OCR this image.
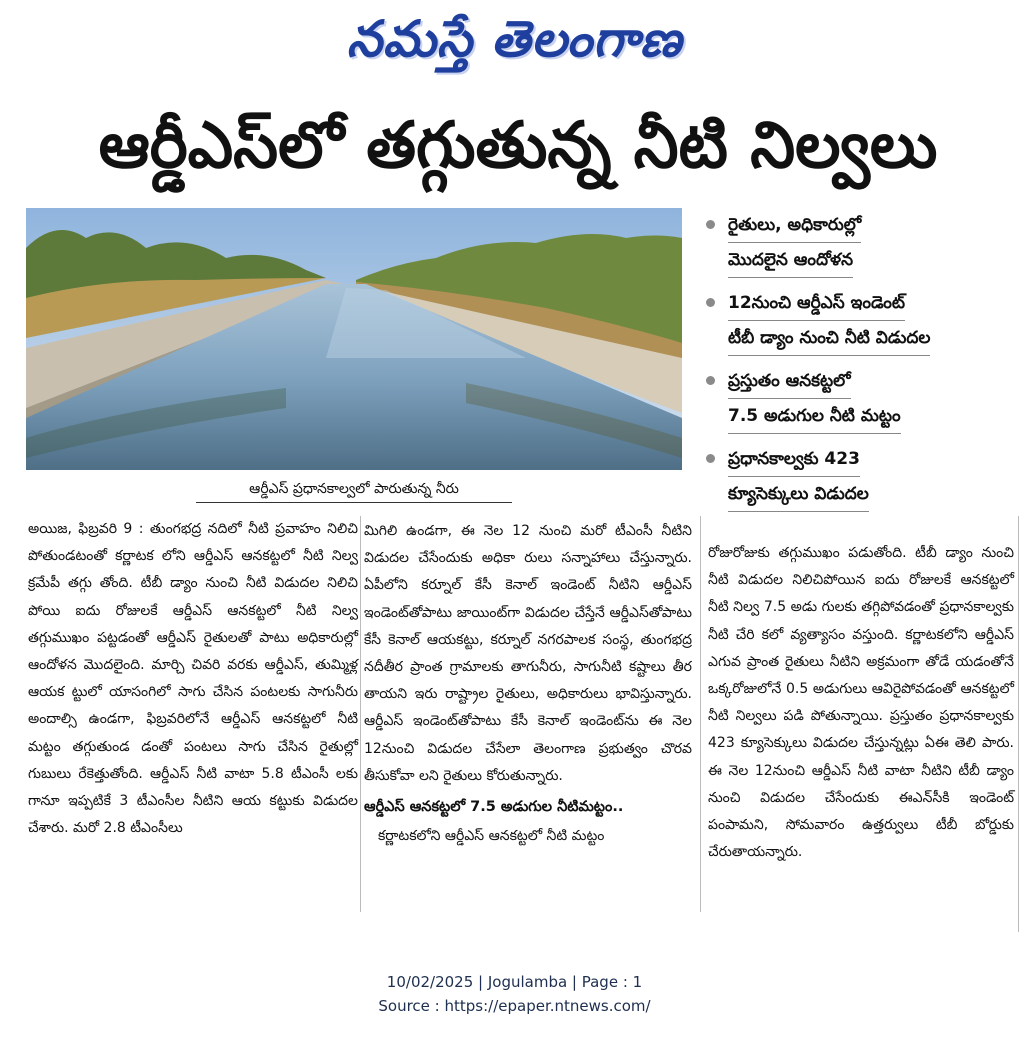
నమస్తే తెలంగాణ
ఆర్డీఎస్‌లో తగ్గుతున్న నీటి నిల్వలు
ఆర్డీఎస్ ప్రధానకాల్వలో పారుతున్న నీరు
రైతులు, అధికారుల్లో
మొదలైన ఆందోళన
12నుంచి ఆర్డీఎస్ ఇండెంట్
టీబీ డ్యాం నుంచి నీటి విడుదల
ప్రస్తుతం ఆనకట్టలో
7.5 అడుగుల నీటి మట్టం
ప్రధానకాల్వకు 423
క్యూసెక్కులు విడుదల

అయిజ, ఫిబ్రవరి 9 : తుంగభద్ర నదిలో నీటి ప్రవాహం నిలిచి పోతుండటంతో కర్ణాటక లోని ఆర్డీఎస్ ఆనకట్టలో నీటి నిల్వ క్రమేపీ తగ్గు తోంది. టీబీ డ్యాం నుంచి నీటి విడుదల నిలిచి పోయి ఐదు రోజులకే ఆర్డీఎస్ ఆనకట్టలో నీటి నిల్వ తగ్గుముఖం పట్టడంతో ఆర్డీఎస్ రైతులతో పాటు అధికారుల్లో ఆందోళన మొదలైంది. మార్చి చివరి వరకు ఆర్డీఎస్, తుమ్మిళ్ల ఆయక ట్టులో యాసంగిలో సాగు చేసిన పంటలకు సాగునీరు అందాల్సి ఉండగా, ఫిబ్రవరిలోనే ఆర్డీఎస్ ఆనకట్టలో నీటి మట్టం తగ్గుతుండ డంతో పంటలు సాగు చేసిన రైతుల్లో గుబులు రేకెత్తుతోంది. ఆర్డీఎస్ నీటి వాటా 5.8 టీఎంసీ లకు గానూ ఇప్పటికే 3 టీఎంసీల నీటిని ఆయ కట్టుకు విడుదల చేశారు. మరో 2.8 టీఎంసీలు

మిగిలి ఉండగా, ఈ నెల 12 నుంచి మరో టీఎంసీ నీటిని విడుదల చేసేందుకు అధికా రులు సన్నాహాలు చేస్తున్నారు. ఏపీలోని కర్నూల్ కేసీ కెనాల్ ఇండెంట్ నీటిని ఆర్డీఎస్ ఇండెంట్‌తోపాటు జాయింట్‌గా విడుదల చేస్తేనే ఆర్డీఎస్‌తోపాటు కేసీ కెనాల్ ఆయకట్టు, కర్నూల్ నగరపాలక సంస్థ, తుంగభద్ర నదీతీర ప్రాంత గ్రామాలకు తాగునీరు, సాగునీటి కష్టాలు తీర తాయని ఇరు రాష్ట్రాల రైతులు, అధికారులు భావిస్తున్నారు. ఆర్డీఎస్ ఇండెంట్‌తోపాటు కేసీ కెనాల్ ఇండెంట్‌ను ఈ నెల 12నుంచి విడుదల చేసేలా తెలంగాణ ప్రభుత్వం చొరవ తీసుకోవా లని రైతులు కోరుతున్నారు.

ఆర్డీఎస్ ఆనకట్టలో 7.5 అడుగుల నీటిమట్టం..

కర్ణాటకలోని ఆర్డీఎస్ ఆనకట్టలో నీటి మట్టం

రోజురోజుకు తగ్గుముఖం పడుతోంది. టీబీ డ్యాం నుంచి నీటి విడుదల నిలిచిపోయిన ఐదు రోజులకే ఆనకట్టలో నీటి నిల్వ 7.5 అడు గులకు తగ్గిపోవడంతో ప్రధానకాల్వకు నీటి చేరి కలో వ్యత్యాసం వస్తుంది. కర్ణాటకలోని ఆర్డీఎస్ ఎగువ ప్రాంత రైతులు నీటిని అక్రమంగా తోడే యడంతోనే ఒక్కరోజులోనే 0.5 అడుగులు ఆవిరైపోవడంతో ఆనకట్టలో నీటి నిల్వలు పడి పోతున్నాయి. ప్రస్తుతం ప్రధానకాల్వకు 423 క్యూసెక్కులు విడుదల చేస్తున్నట్లు ఏఈ తెలి పారు. ఈ నెల 12నుంచి ఆర్డీఎస్ నీటి వాటా నీటిని టీబీ డ్యాం నుంచి విడుదల చేసేందుకు ఈఎన్‌సీకి ఇండెంట్ పంపామని, సోమవారం ఉత్తర్వులు టీబీ బోర్డుకు చేరుతాయన్నారు.

10/02/2025 | Jogulamba | Page : 1
Source : https://epaper.ntnews.com/
